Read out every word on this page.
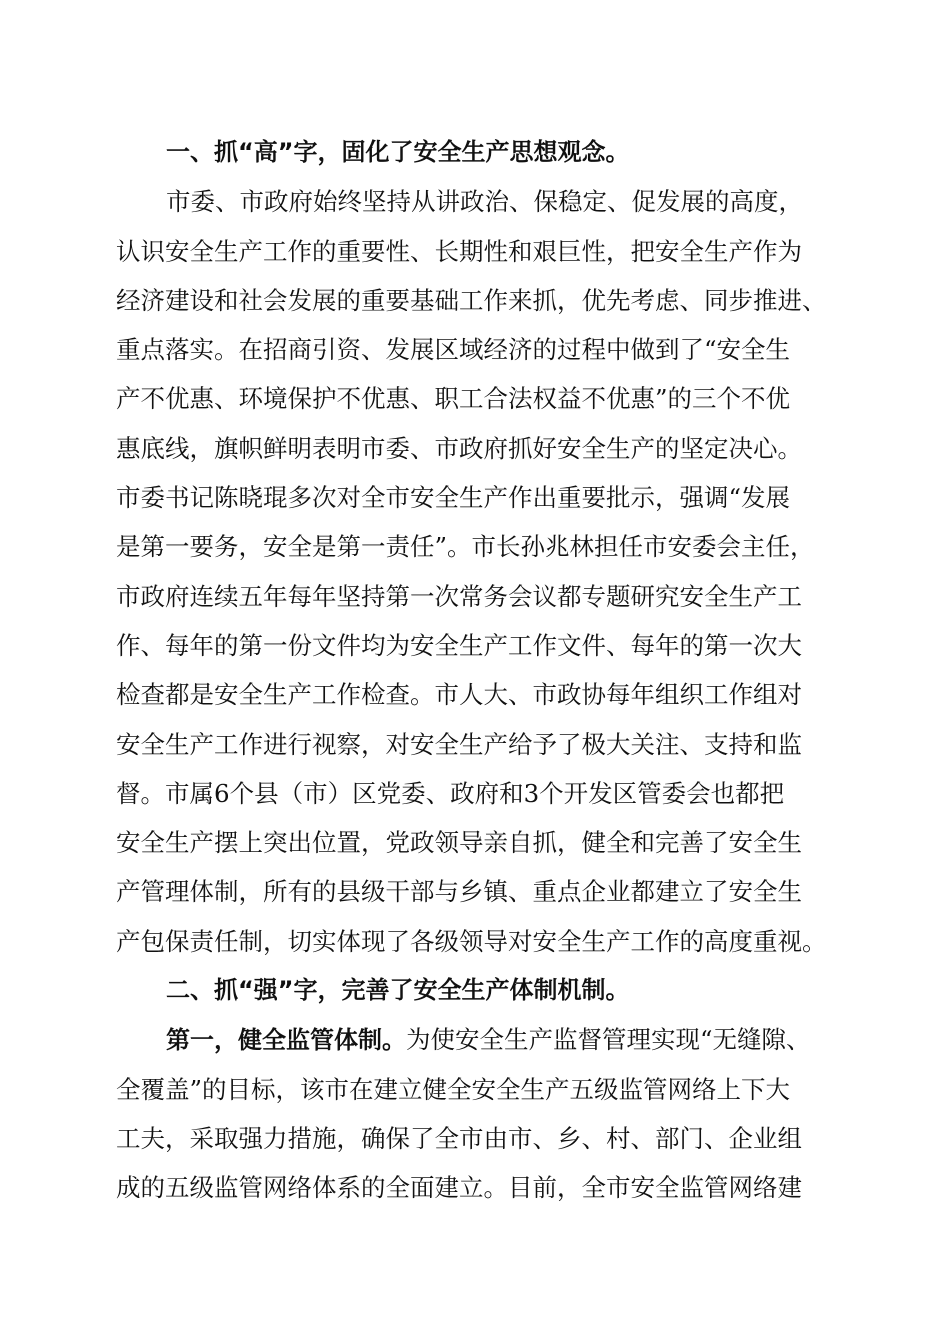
一、抓“高”字，固化了安全生产思想观念。
市委、市政府始终坚持从讲政治、保稳定、促发展的高度，
认识安全生产工作的重要性、长期性和艰巨性，把安全生产作为
经济建设和社会发展的重要基础工作来抓，优先考虑、同步推进、
重点落实。在招商引资、发展区域经济的过程中做到了“安全生
产不优惠、环境保护不优惠、职工合法权益不优惠”的三个不优
惠底线，旗帜鲜明表明市委、市政府抓好安全生产的坚定决心。
市委书记陈晓琨多次对全市安全生产作出重要批示，强调“发展
是第一要务，安全是第一责任”。市长孙兆林担任市安委会主任，
市政府连续五年每年坚持第一次常务会议都专题研究安全生产工
作、每年的第一份文件均为安全生产工作文件、每年的第一次大
检查都是安全生产工作检查。市人大、市政协每年组织工作组对
安全生产工作进行视察，对安全生产给予了极大关注、支持和监
督。市属6个县（市）区党委、政府和3个开发区管委会也都把
安全生产摆上突出位置，党政领导亲自抓，健全和完善了安全生
产管理体制，所有的县级干部与乡镇、重点企业都建立了安全生
产包保责任制，切实体现了各级领导对安全生产工作的高度重视。
二、抓“强”字，完善了安全生产体制机制。
第一，健全监管体制。为使安全生产监督管理实现“无缝隙、
全覆盖”的目标，该市在建立健全安全生产五级监管网络上下大
工夫，采取强力措施，确保了全市由市、乡、村、部门、企业组
成的五级监管网络体系的全面建立。目前，全市安全监管网络建
